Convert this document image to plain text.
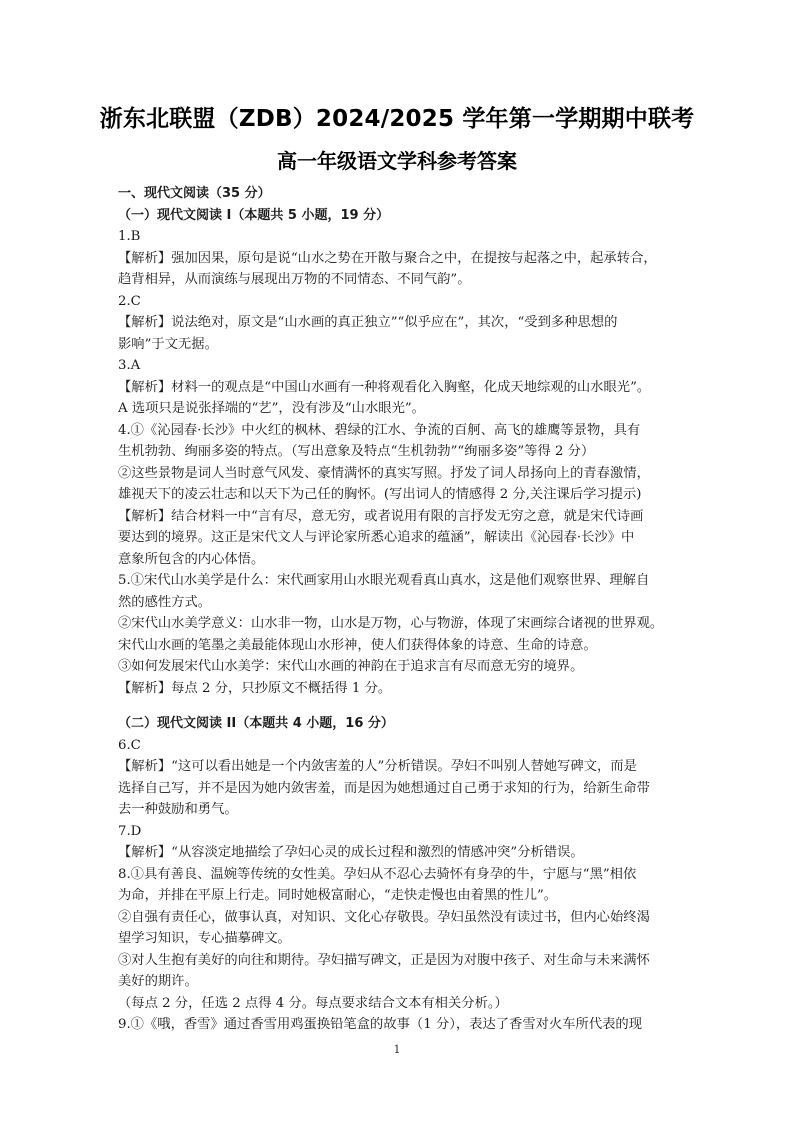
浙东北联盟（ZDB）2024/2025 学年第一学期期中联考
高一年级语文学科参考答案
一、现代文阅读（35 分）
（一）现代文阅读 I（本题共 5 小题，19 分）
1.B
【解析】强加因果，原句是说“山水之势在开散与聚合之中，在提按与起落之中，起承转合，
趋背相异，从而演练与展现出万物的不同情态、不同气韵”。
2.C
【解析】说法绝对，原文是“山水画的真正独立”“似乎应在”，其次，“受到多种思想的
影响”于文无据。
3.A
【解析】材料一的观点是“中国山水画有一种将观看化入胸壑，化成天地综观的山水眼光”。
A 选项只是说张择端的“艺”，没有涉及“山水眼光”。
4.①《沁园春·长沙》中火红的枫林、碧绿的江水、争流的百舸、高飞的雄鹰等景物，具有
生机勃勃、绚丽多姿的特点。（写出意象及特点“生机勃勃”“绚丽多姿”等得 2 分）
②这些景物是词人当时意气风发、豪情满怀的真实写照。抒发了词人昂扬向上的青春激情，
雄视天下的凌云壮志和以天下为己任的胸怀。(写出词人的情感得 2 分,关注课后学习提示)
【解析】结合材料一中“言有尽，意无穷，或者说用有限的言抒发无穷之意，就是宋代诗画
要达到的境界。这正是宋代文人与评论家所悉心追求的蕴涵”，解读出《沁园春·长沙》中
意象所包含的内心体悟。
5.①宋代山水美学是什么：宋代画家用山水眼光观看真山真水，这是他们观察世界、理解自
然的感性方式。
②宋代山水美学意义：山水非一物，山水是万物，心与物游，体现了宋画综合诸视的世界观。
宋代山水画的笔墨之美最能体现山水形神，使人们获得体象的诗意、生命的诗意。
③如何发展宋代山水美学：宋代山水画的神韵在于追求言有尽而意无穷的境界。
【解析】每点 2 分，只抄原文不概括得 1 分。
（二）现代文阅读 II（本题共 4 小题，16 分）
6.C
【解析】“这可以看出她是一个内敛害羞的人”分析错误。孕妇不叫别人替她写碑文，而是
选择自己写，并不是因为她内敛害羞，而是因为她想通过自己勇于求知的行为，给新生命带
去一种鼓励和勇气。
7.D
【解析】“从容淡定地描绘了孕妇心灵的成长过程和激烈的情感冲突”分析错误。
8.①具有善良、温婉等传统的女性美。孕妇从不忍心去骑怀有身孕的牛，宁愿与“黑”相依
为命，并排在平原上行走。同时她极富耐心，“走快走慢也由着黑的性儿”。
②自强有责任心，做事认真，对知识、文化心存敬畏。孕妇虽然没有读过书，但内心始终渴
望学习知识，专心描摹碑文。
③对人生抱有美好的向往和期待。孕妇描写碑文，正是因为对腹中孩子、对生命与未来满怀
美好的期许。
（每点 2 分，任选 2 点得 4 分。每点要求结合文本有相关分析。）
9.①《哦，香雪》通过香雪用鸡蛋换铅笔盒的故事（1 分），表达了香雪对火车所代表的现
1
